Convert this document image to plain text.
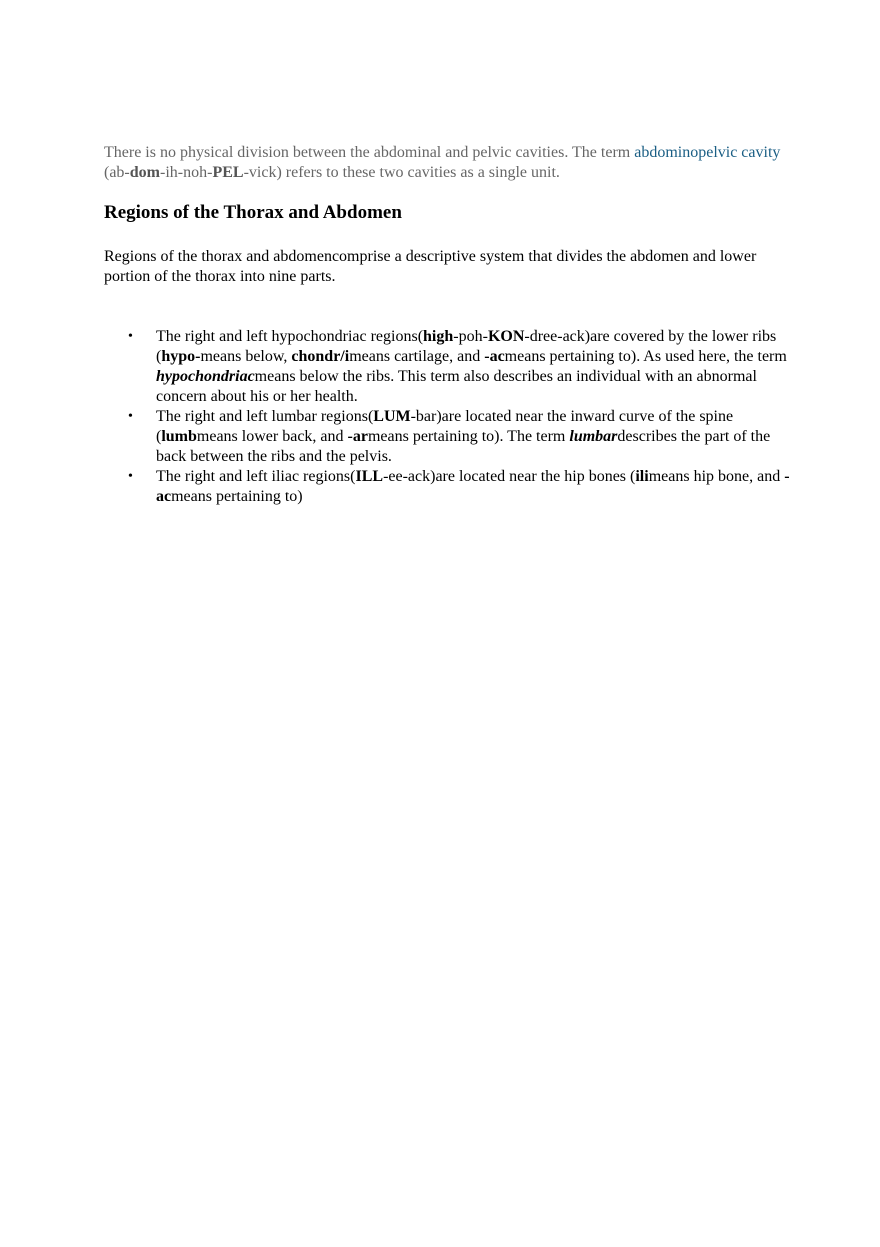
There is no physical division between the abdominal and pelvic cavities. The term abdominopelvic cavity (ab-dom-ih-noh-PEL-vick) refers to these two cavities as a single unit.

Regions of the Thorax and Abdomen

Regions of the thorax and abdomencomprise a descriptive system that divides the abdomen and lower portion of the thorax into nine parts.

• The right and left hypochondriac regions(high-poh-KON-dree-ack)are covered by the lower ribs (hypo-means below, chondr/imeans cartilage, and -acmeans pertaining to). As used here, the term hypochondriacmeans below the ribs. This term also describes an individual with an abnormal concern about his or her health.
• The right and left lumbar regions(LUM-bar)are located near the inward curve of the spine (lumbmeans lower back, and -armeans pertaining to). The term lumbardescribes the part of the back between the ribs and the pelvis.
• The right and left iliac regions(ILL-ee-ack)are located near the hip bones (ilimeans hip bone, and -acmeans pertaining to)
